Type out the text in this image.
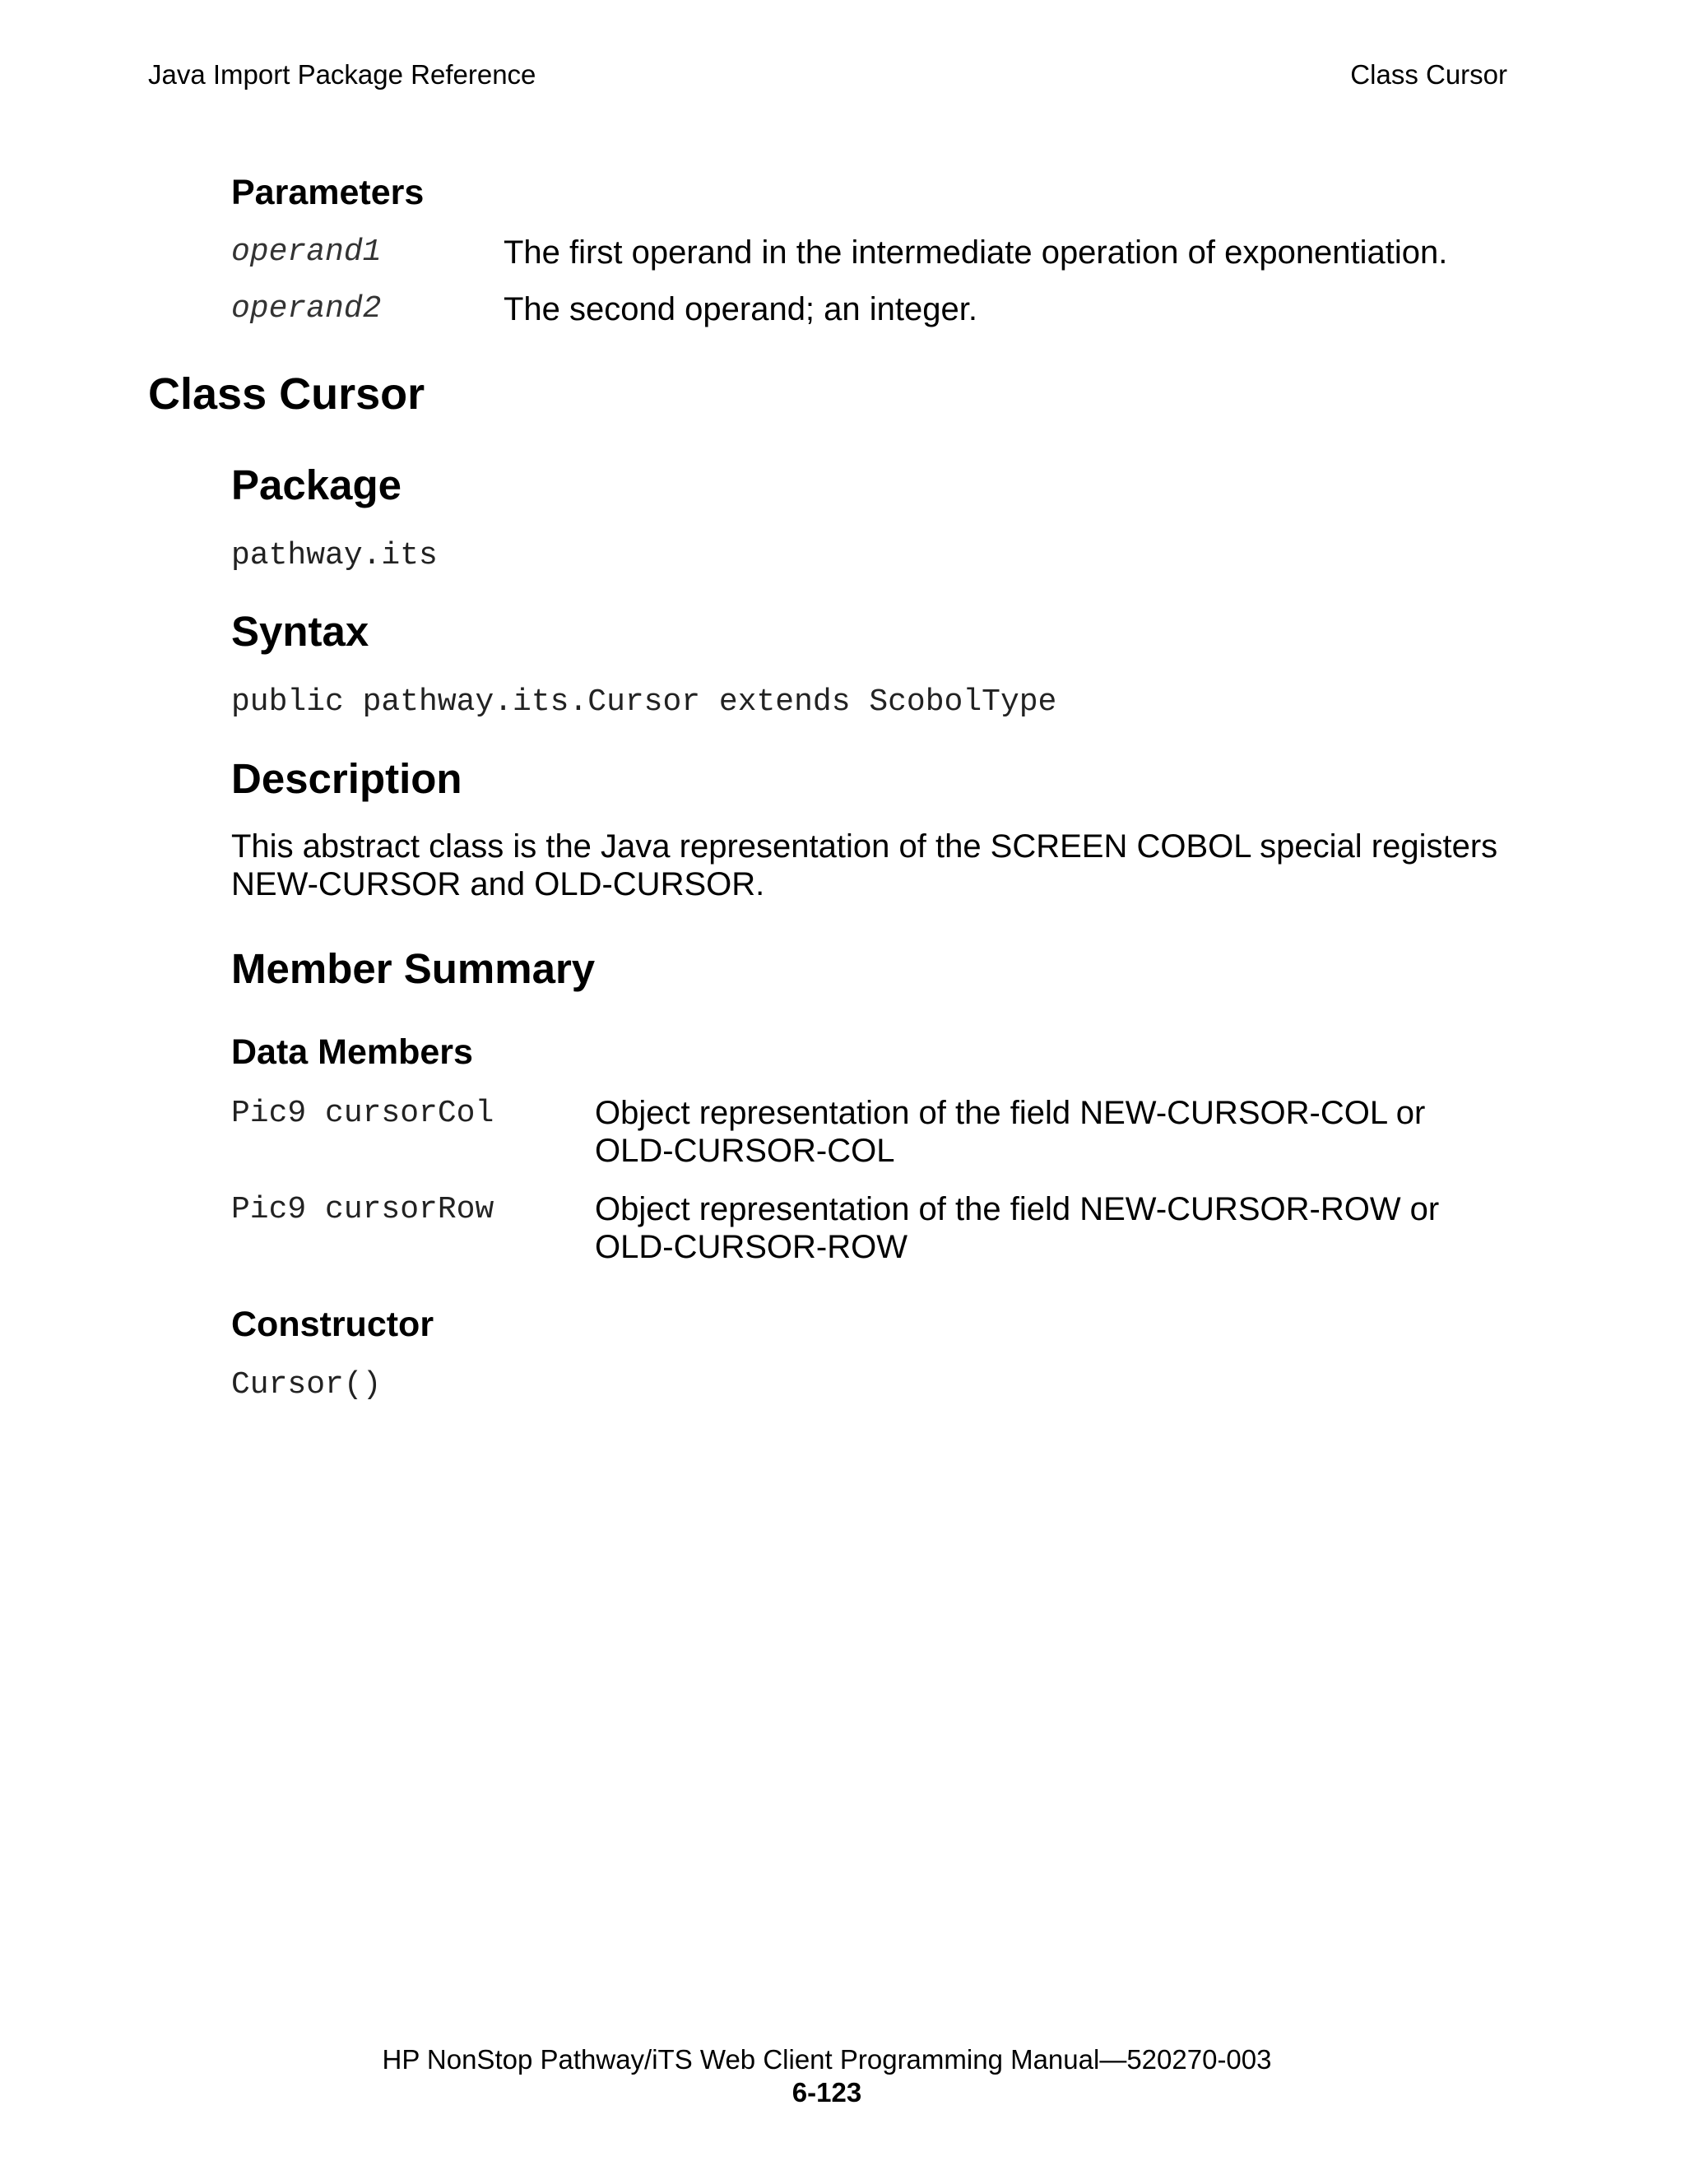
Java Import Package Reference	Class Cursor
Parameters
operand1	The first operand in the intermediate operation of exponentiation.
operand2	The second operand; an integer.
Class Cursor
Package
pathway.its
Syntax
public pathway.its.Cursor extends ScobolType
Description
This abstract class is the Java representation of the SCREEN COBOL special registers NEW-CURSOR and OLD-CURSOR.
Member Summary
Data Members
Pic9 cursorCol	Object representation of the field NEW-CURSOR-COL or OLD-CURSOR-COL
Pic9 cursorRow	Object representation of the field NEW-CURSOR-ROW or OLD-CURSOR-ROW
Constructor
Cursor()
HP NonStop Pathway/iTS Web Client Programming Manual—520270-003
6-123
